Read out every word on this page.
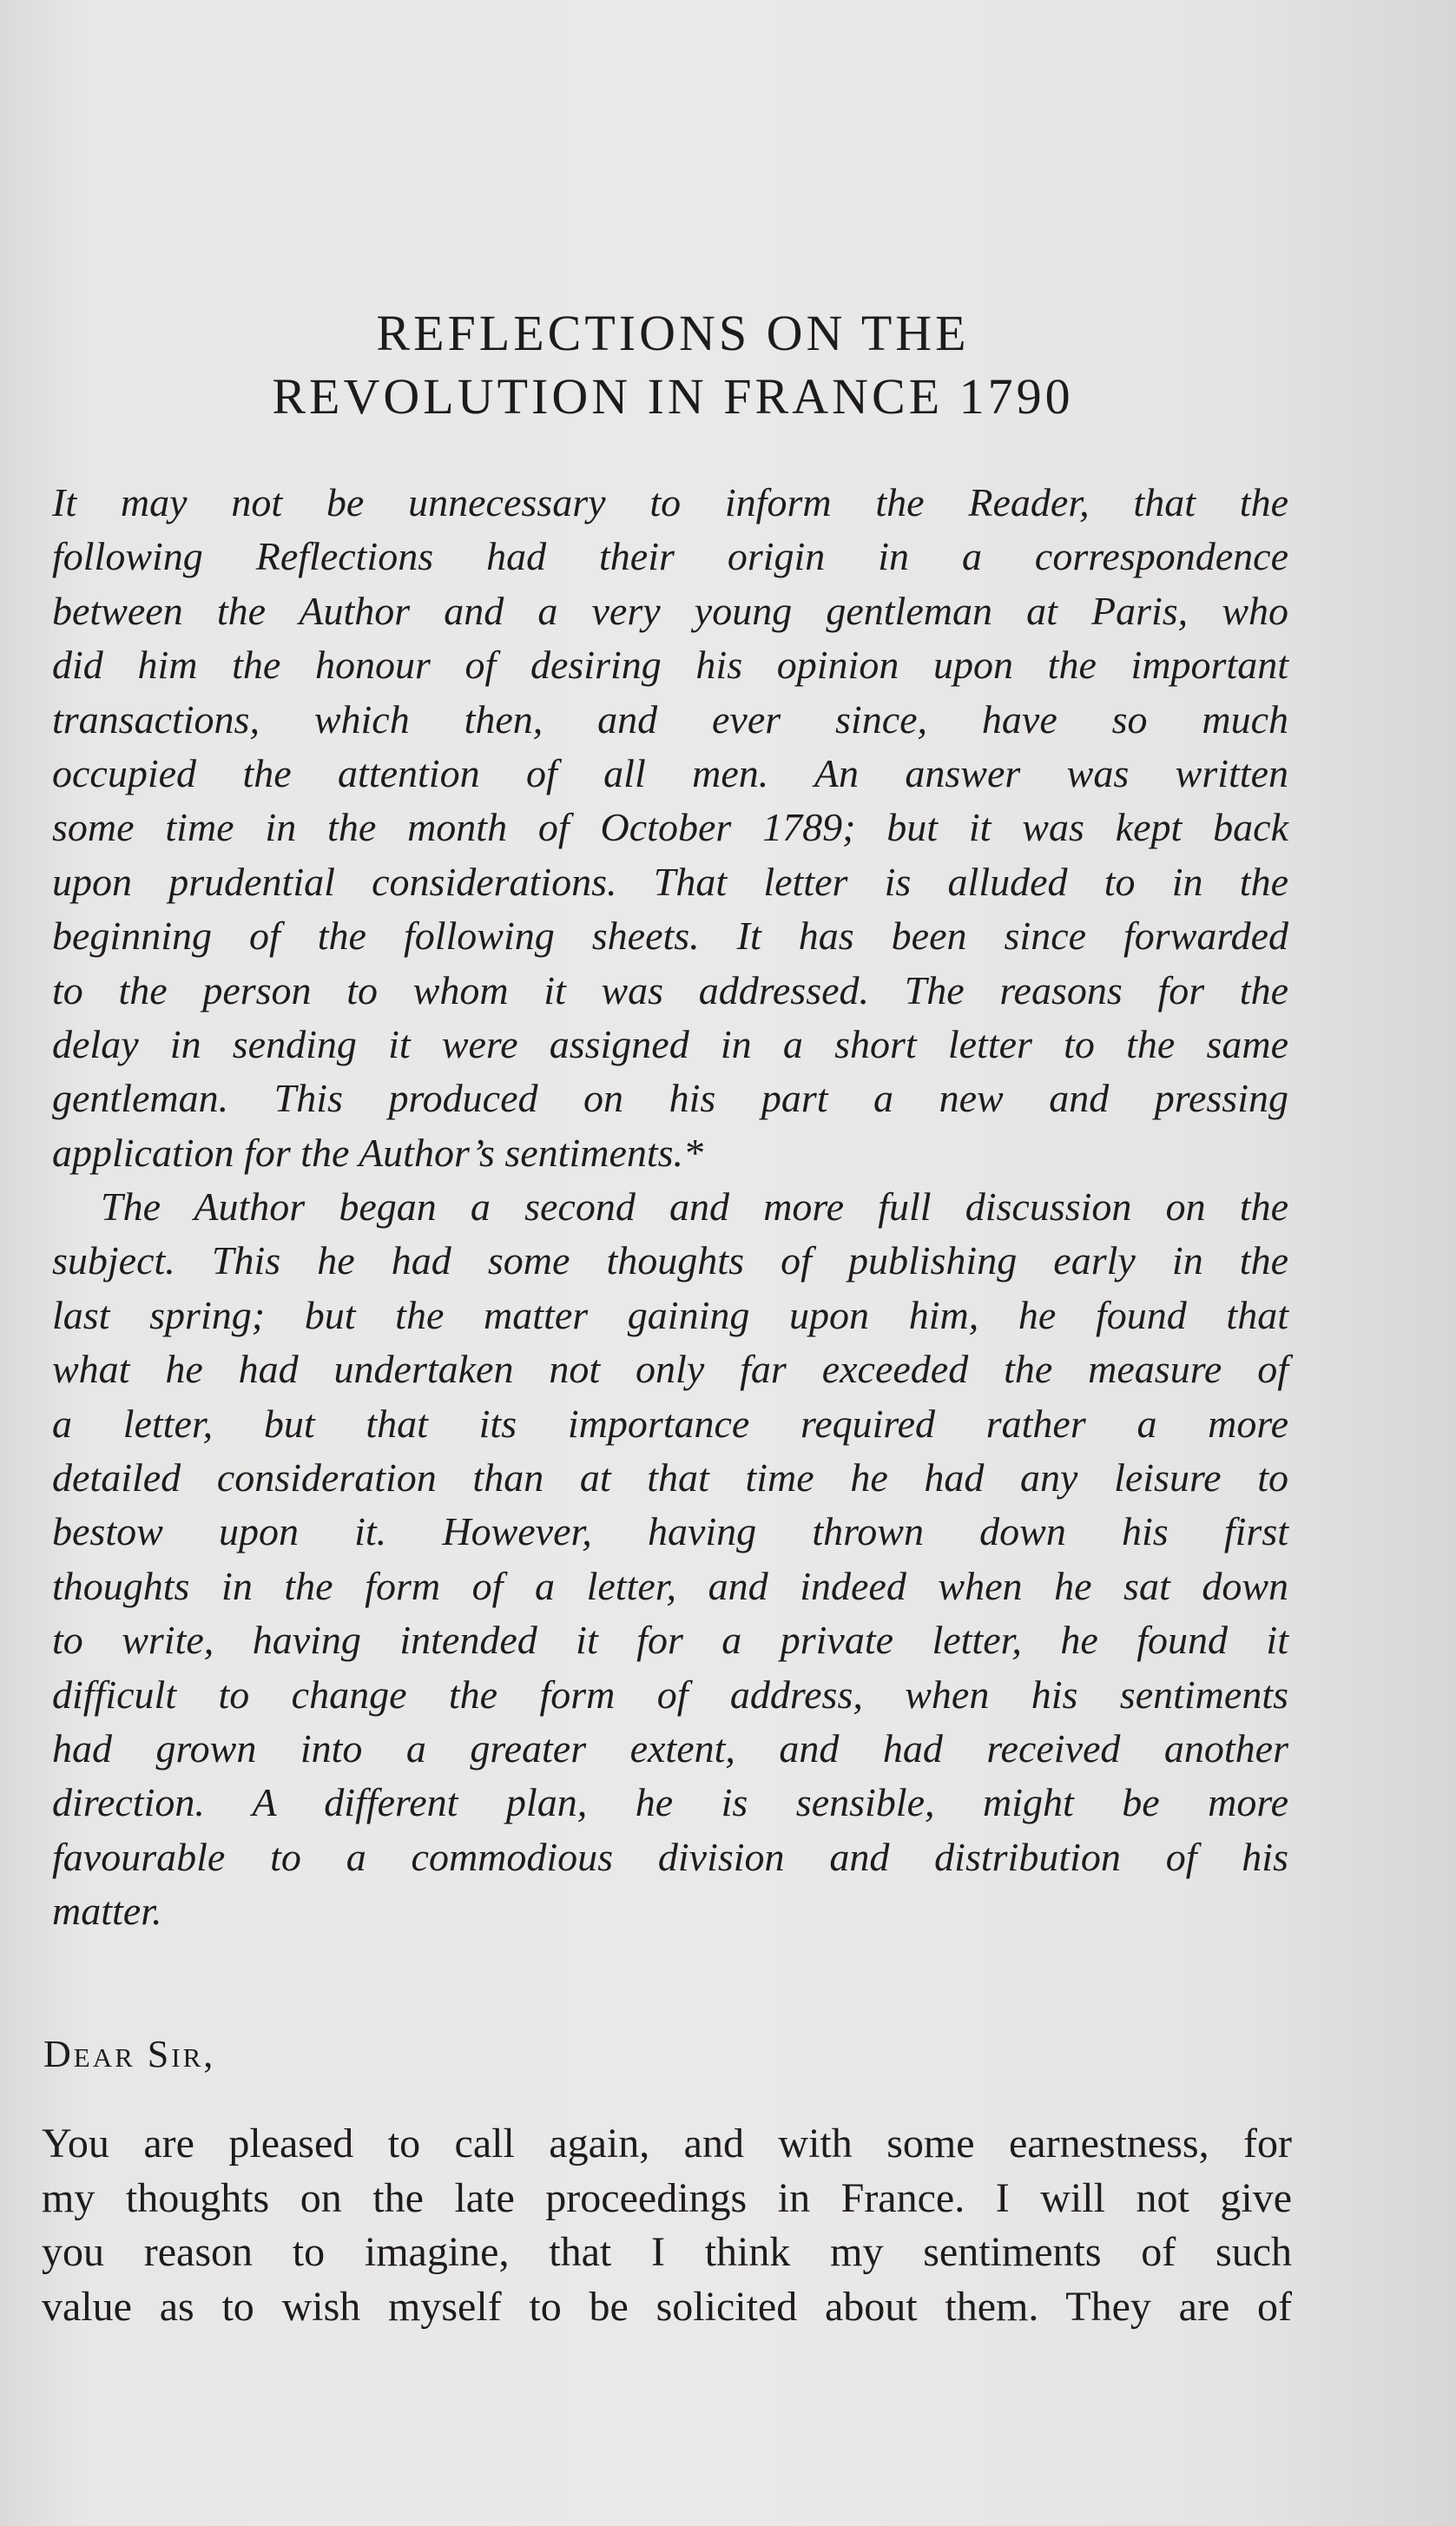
REFLECTIONS ON THE
REVOLUTION IN FRANCE 1790
It may not be unnecessary to inform the Reader, that the
following Reflections had their origin in a correspondence
between the Author and a very young gentleman at Paris, who
did him the honour of desiring his opinion upon the important
transactions, which then, and ever since, have so much
occupied the attention of all men. An answer was written
some time in the month of October 1789; but it was kept back
upon prudential considerations. That letter is alluded to in the
beginning of the following sheets. It has been since forwarded
to the person to whom it was addressed. The reasons for the
delay in sending it were assigned in a short letter to the same
gentleman. This produced on his part a new and pressing
application for the Author’s sentiments.*
The Author began a second and more full discussion on the
subject. This he had some thoughts of publishing early in the
last spring; but the matter gaining upon him, he found that
what he had undertaken not only far exceeded the measure of
a letter, but that its importance required rather a more
detailed consideration than at that time he had any leisure to
bestow upon it. However, having thrown down his first
thoughts in the form of a letter, and indeed when he sat down
to write, having intended it for a private letter, he found it
difficult to change the form of address, when his sentiments
had grown into a greater extent, and had received another
direction. A different plan, he is sensible, might be more
favourable to a commodious division and distribution of his
matter.
Dear Sir,
You are pleased to call again, and with some earnestness, for
my thoughts on the late proceedings in France. I will not give
you reason to imagine, that I think my sentiments of such
value as to wish myself to be solicited about them. They are of
